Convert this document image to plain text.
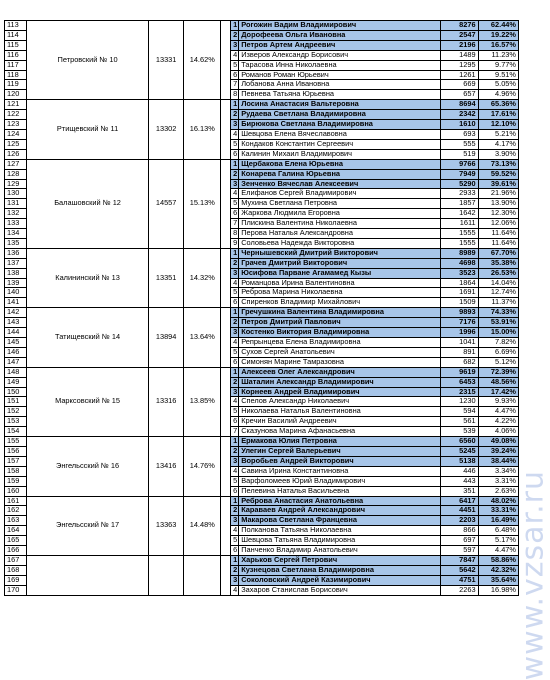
113	Петровский № 10	13331	14.62%		1	Рогожин Вадим Владимирович	8276	62.44%
114					2	Дорофеева Ольга Ивановна	2547	19.22%
115					3	Петров Артем Андреевич	2196	16.57%
116					4	Изверов Александр Борисович	1489	11.23%
117					5	Тарасова Инна Николаевна	1295	9.77%
118					6	Романов Роман Юрьевич	1261	9.51%
119					7	Лобанова Анна Ивановна	669	5.05%
120					8	Певнева Татьяна Юрьевна	657	4.96%
121	Ртищевский № 11	13302	16.13%		1	Лосина Анастасия Вальтеровна	8694	65.36%
122					2	Рудаева Светлана Владимировна	2342	17.61%
123					3	Бирюкова Светлана Владимировна	1610	12.10%
124					4	Шевцова Елена Вячеславовна	693	5.21%
125					5	Кондаков Константин Сергеевич	555	4.17%
126					6	Калинин Михаил Владимирович	519	3.90%
127	Балашовский № 12	14557	15.13%		1	Щербакова Елена Юрьевна	9766	73.13%
128					2	Конарева Галина Юрьевна	7949	59.52%
129					3	Зенченко Вячеслав Алексеевич	5290	39.61%
130					4	Елифанов Сергей Владимирович	2933	21.96%
131					5	Мухина Светлана Петровна	1857	13.90%
132					6	Жаркова Людмила Егоровна	1642	12.30%
133					7	Плискина Валентина Николаевна	1611	12.06%
134					8	Перова Наталья Александровна	1555	11.64%
135					9	Соловьева Надежда Викторовна	1555	11.64%
136	Калининский № 13	13351	14.32%		1	Чернышевский Дмитрий Викторович	8989	67.70%
137					2	Грачев Дмитрий Викторович	4698	35.38%
138					3	Юсифова Парване Агамамед Кызы	3523	26.53%
139					4	Романцова Ирина Валентиновна	1864	14.04%
140					5	Реброва Марина Николаевна	1691	12.74%
141					6	Спиренков Владимир Михайлович	1509	11.37%
142	Татищевский № 14	13894	13.64%		1	Гречушкина Валентина Владимировна	9893	74.33%
143					2	Петров Дмитрий Павлович	7176	53.91%
144					3	Костенко Виктория Владимировна	1996	15.00%
145					4	Репрынцева Елена Владимировна	1041	7.82%
146					5	Сухов Сергей Анатольевич	891	6.69%
147					6	Симонян Марине Тамразовна	682	5.12%
148	Марксовский № 15	13316	13.85%		1	Алексеев Олег Александрович	9619	72.39%
149					2	Шаталин Александр Владимирович	6453	48.56%
150					3	Корнеев Андрей Владимирович	2315	17.42%
151					4	Спелов Александр Николаевич	1230	9.93%
152					5	Николаева Наталья Валентиновна	594	4.47%
153					6	Кречин Василий Андреевич	561	4.22%
154					7	Сказунова Марина Афанасьевна	539	4.06%
155	Энгельсский № 16	13416	14.76%		1	Ермакова Юлия Петровна	6560	49.08%
156					2	Улегин Сергей Валерьевич	5245	39.24%
157					3	Воробьев Андрей Викторович	5138	38.44%
158					4	Савина Ирина Константиновна	446	3.34%
159					5	Варфоломеев Юрий Владимирович	443	3.31%
160					6	Пелевина Наталья Васильевна	351	2.63%
161	Энгельсский № 17	13363	14.48%		1	Реброва Анастасия Анатольевна	6417	48.02%
162					2	Караваев Андрей Александрович	4451	33.31%
163					3	Макарова Светлана Францевна	2203	16.49%
164					4	Полканова Татьяна Николаевна	866	6.48%
165					5	Шевцова Татьяна Владимировна	697	5.17%
166					6	Панченко Владимир Анатольевич	597	4.47%
167					1	Харьков Сергей Петрович	7847	58.86%
168					2	Кузнецова Светлана Владимировна	5642	42.32%
169					3	Соколовский Андрей Казимирович	4751	35.64%
170					4	Захаров Станислав Борисович	2263	16.98% www.vzsar.ru
